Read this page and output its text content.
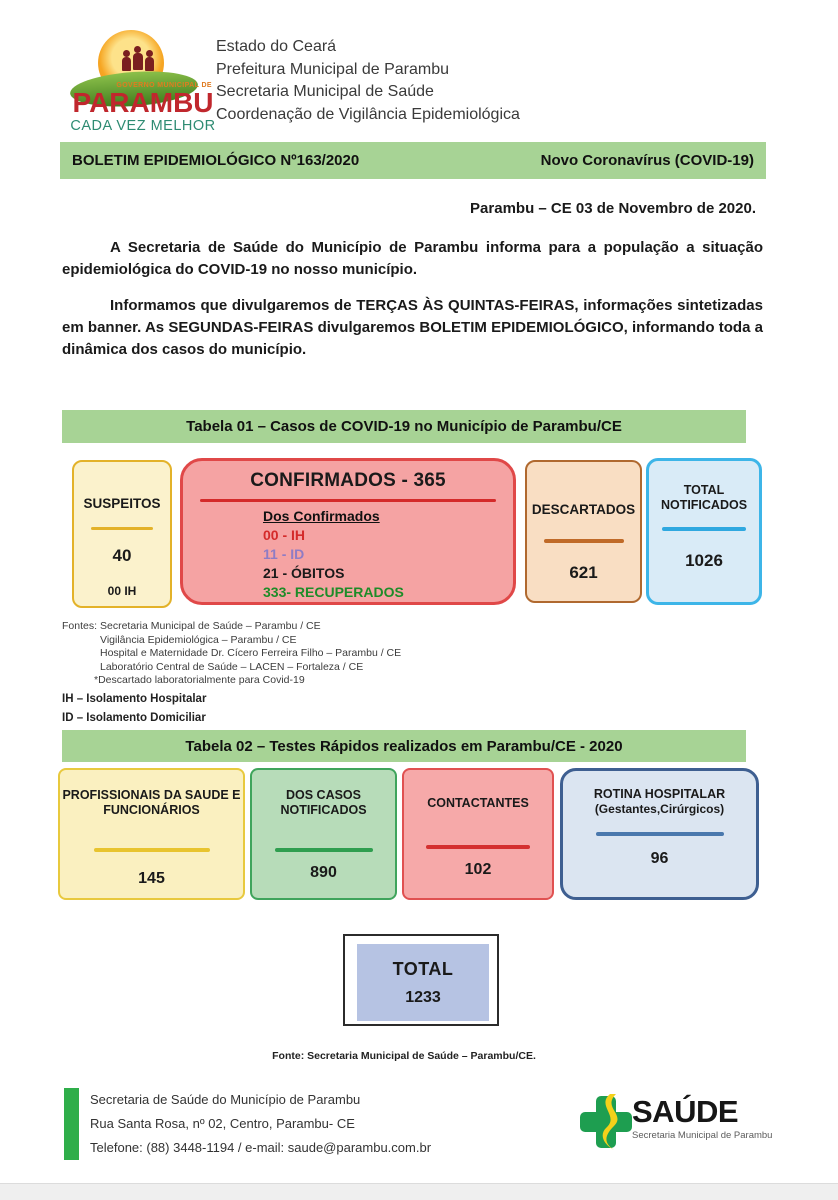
GOVERNO MUNICIPAL DE
PARAMBU
CADA VEZ MELHOR
Estado do Ceará
Prefeitura Municipal de Parambu
Secretaria Municipal de Saúde
Coordenação de Vigilância Epidemiológica
BOLETIM EPIDEMIOLÓGICO Nº163/2020	Novo Coronavírus (COVID-19)
Parambu – CE 03 de Novembro de 2020.
A Secretaria de Saúde do Município de Parambu informa para a população a situação epidemiológica do COVID-19 no nosso município.
Informamos que divulgaremos de TERÇAS ÀS QUINTAS-FEIRAS, informações sintetizadas em banner. As SEGUNDAS-FEIRAS divulgaremos BOLETIM EPIDEMIOLÓGICO, informando toda a dinâmica dos casos do município.
Tabela 01 – Casos de COVID-19 no Município de Parambu/CE
SUSPEITOS
40
00 IH
CONFIRMADOS - 365
Dos Confirmados
00 - IH
11 - ID
21 - ÓBITOS
333- RECUPERADOS
DESCARTADOS
621
TOTAL NOTIFICADOS
1026
Fontes: Secretaria Municipal de Saúde – Parambu / CE
Vigilância Epidemiológica – Parambu / CE
Hospital e Maternidade Dr. Cícero Ferreira Filho – Parambu / CE
Laboratório Central de Saúde – LACEN – Fortaleza / CE
*Descartado laboratorialmente para Covid-19
IH – Isolamento Hospitalar
ID – Isolamento Domiciliar
Tabela 02 – Testes Rápidos realizados em Parambu/CE - 2020
PROFISSIONAIS DA SAUDE E FUNCIONÁRIOS
145
DOS CASOS NOTIFICADOS
890
CONTACTANTES
102
ROTINA HOSPITALAR
(Gestantes,Cirúrgicos)
96
TOTAL
1233
Fonte: Secretaria Municipal de Saúde – Parambu/CE.
Secretaria de Saúde do Município de Parambu
Rua Santa Rosa, nº 02, Centro, Parambu- CE
Telefone: (88) 3448-1194 / e-mail: saude@parambu.com.br
SAÚDE
Secretaria Municipal de Parambu
